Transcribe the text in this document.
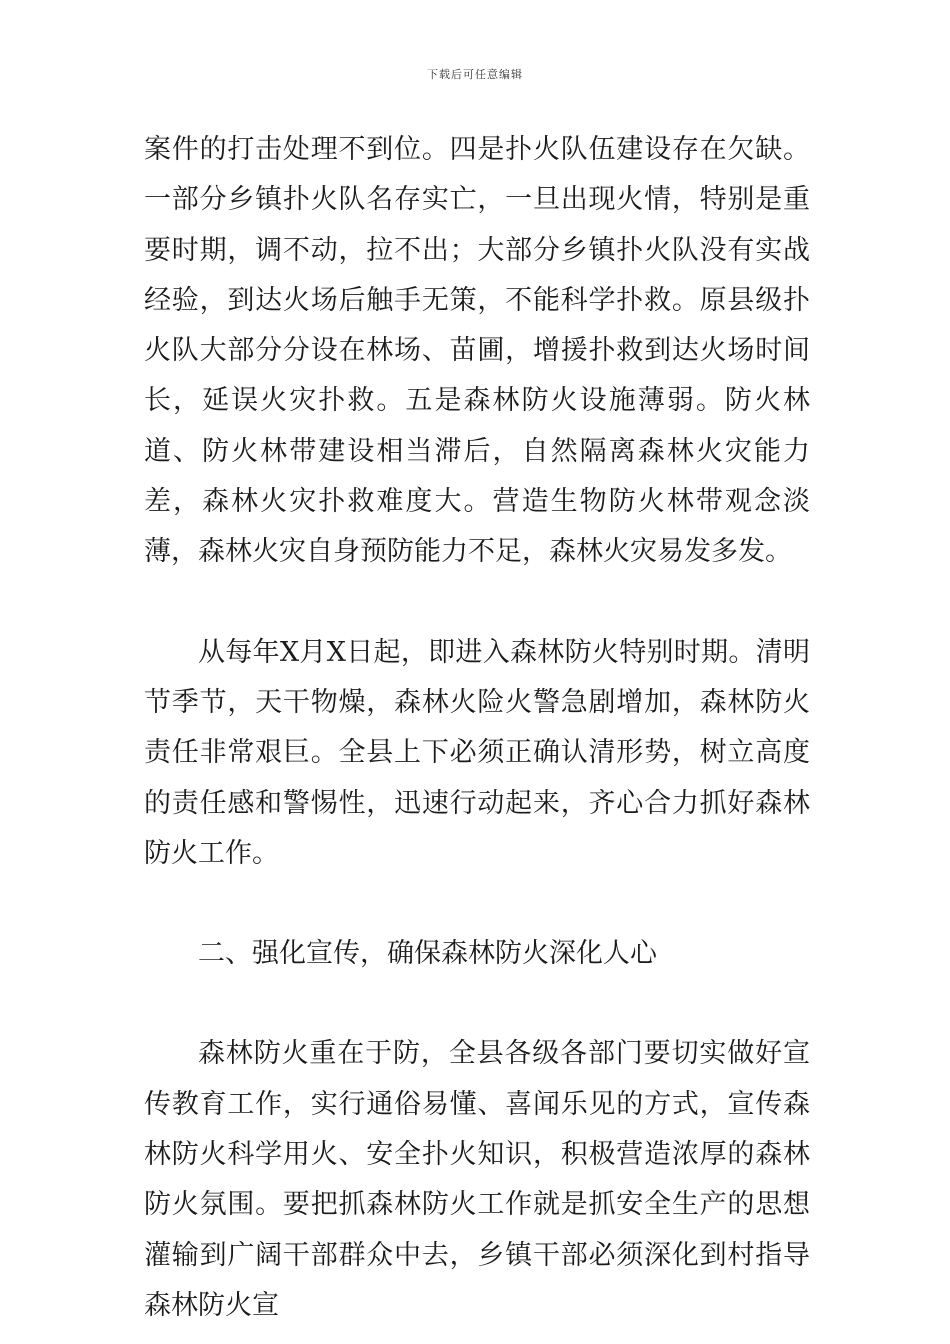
下载后可任意编辑

案件的打击处理不到位。四是扑火队伍建设存在欠缺。一部分乡镇扑火队名存实亡，一旦出现火情，特别是重要时期，调不动，拉不出；大部分乡镇扑火队没有实战经验，到达火场后触手无策，不能科学扑救。原县级扑火队大部分分设在林场、苗圃，增援扑救到达火场时间长，延误火灾扑救。五是森林防火设施薄弱。防火林道、防火林带建设相当滞后，自然隔离森林火灾能力差，森林火灾扑救难度大。营造生物防火林带观念淡薄，森林火灾自身预防能力不足，森林火灾易发多发。

从每年X月X日起，即进入森林防火特别时期。清明节季节，天干物燥，森林火险火警急剧增加，森林防火责任非常艰巨。全县上下必须正确认清形势，树立高度的责任感和警惕性，迅速行动起来，齐心合力抓好森林防火工作。

二、强化宣传，确保森林防火深化人心

森林防火重在于防，全县各级各部门要切实做好宣传教育工作，实行通俗易懂、喜闻乐见的方式，宣传森林防火科学用火、安全扑火知识，积极营造浓厚的森林防火氛围。要把抓森林防火工作就是抓安全生产的思想灌输到广阔干部群众中去，乡镇干部必须深化到村指导森林防火宣
